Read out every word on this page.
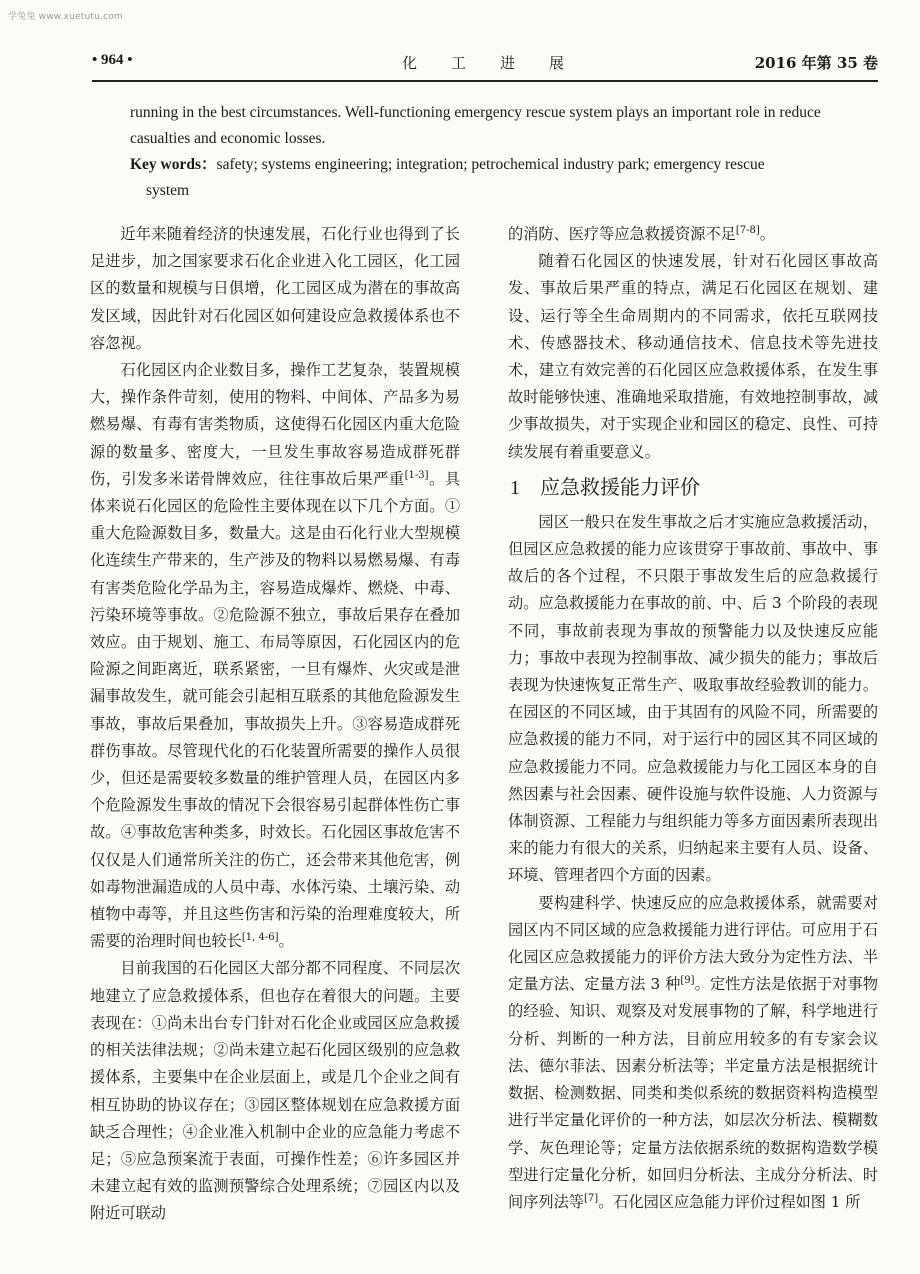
学兔兔 www.xuetutu.com
• 964 •	化工进展	2016 年第 35 卷

running in the best circumstances. Well-functioning emergency rescue system plays an important role in reduce casualties and economic losses.

Key words：safety; systems engineering; integration; petrochemical industry park; emergency rescue
system

近年来随着经济的快速发展，石化行业也得到了长足进步，加之国家要求石化企业进入化工园区，化工园区的数量和规模与日俱增，化工园区成为潜在的事故高发区域，因此针对石化园区如何建设应急救援体系也不容忽视。

石化园区内企业数目多，操作工艺复杂，装置规模大，操作条件苛刻，使用的物料、中间体、产品多为易燃易爆、有毒有害类物质，这使得石化园区内重大危险源的数量多、密度大，一旦发生事故容易造成群死群伤，引发多米诺骨牌效应，往往事故后果严重[1-3]。具体来说石化园区的危险性主要体现在以下几个方面。①重大危险源数目多，数量大。这是由石化行业大型规模化连续生产带来的，生产涉及的物料以易燃易爆、有毒有害类危险化学品为主，容易造成爆炸、燃烧、中毒、污染环境等事故。②危险源不独立，事故后果存在叠加效应。由于规划、施工、布局等原因，石化园区内的危险源之间距离近，联系紧密，一旦有爆炸、火灾或是泄漏事故发生，就可能会引起相互联系的其他危险源发生事故，事故后果叠加，事故损失上升。③容易造成群死群伤事故。尽管现代化的石化装置所需要的操作人员很少，但还是需要较多数量的维护管理人员，在园区内多个危险源发生事故的情况下会很容易引起群体性伤亡事故。④事故危害种类多，时效长。石化园区事故危害不仅仅是人们通常所关注的伤亡，还会带来其他危害，例如毒物泄漏造成的人员中毒、水体污染、土壤污染、动植物中毒等，并且这些伤害和污染的治理难度较大，所需要的治理时间也较长[1, 4-6]。

目前我国的石化园区大部分都不同程度、不同层次地建立了应急救援体系，但也存在着很大的问题。主要表现在：①尚未出台专门针对石化企业或园区应急救援的相关法律法规；②尚未建立起石化园区级别的应急救援体系，主要集中在企业层面上，或是几个企业之间有相互协助的协议存在；③园区整体规划在应急救援方面缺乏合理性；④企业准入机制中企业的应急能力考虑不足；⑤应急预案流于表面，可操作性差；⑥许多园区并未建立起有效的监测预警综合处理系统；⑦园区内以及附近可联动

的消防、医疗等应急救援资源不足[7-8]。

随着石化园区的快速发展，针对石化园区事故高发、事故后果严重的特点，满足石化园区在规划、建设、运行等全生命周期内的不同需求，依托互联网技术、传感器技术、移动通信技术、信息技术等先进技术，建立有效完善的石化园区应急救援体系，在发生事故时能够快速、准确地采取措施，有效地控制事故，减少事故损失，对于实现企业和园区的稳定、良性、可持续发展有着重要意义。

1 应急救援能力评价

园区一般只在发生事故之后才实施应急救援活动，但园区应急救援的能力应该贯穿于事故前、事故中、事故后的各个过程，不只限于事故发生后的应急救援行动。应急救援能力在事故的前、中、后 3 个阶段的表现不同，事故前表现为事故的预警能力以及快速反应能力；事故中表现为控制事故、减少损失的能力；事故后表现为快速恢复正常生产、吸取事故经验教训的能力。在园区的不同区域，由于其固有的风险不同，所需要的应急救援的能力不同，对于运行中的园区其不同区域的应急救援能力不同。应急救援能力与化工园区本身的自然因素与社会因素、硬件设施与软件设施、人力资源与体制资源、工程能力与组织能力等多方面因素所表现出来的能力有很大的关系，归纳起来主要有人员、设备、环境、管理者四个方面的因素。

要构建科学、快速反应的应急救援体系，就需要对园区内不同区域的应急救援能力进行评估。可应用于石化园区应急救援能力的评价方法大致分为定性方法、半定量方法、定量方法 3 种[9]。定性方法是依据于对事物的经验、知识、观察及对发展事物的了解，科学地进行分析、判断的一种方法，目前应用较多的有专家会议法、德尔菲法、因素分析法等；半定量方法是根据统计数据、检测数据、同类和类似系统的数据资料构造模型进行半定量化评价的一种方法，如层次分析法、模糊数学、灰色理论等；定量方法依据系统的数据构造数学模型进行定量化分析，如回归分析法、主成分分析法、时间序列法等[7]。石化园区应急能力评价过程如图 1 所
